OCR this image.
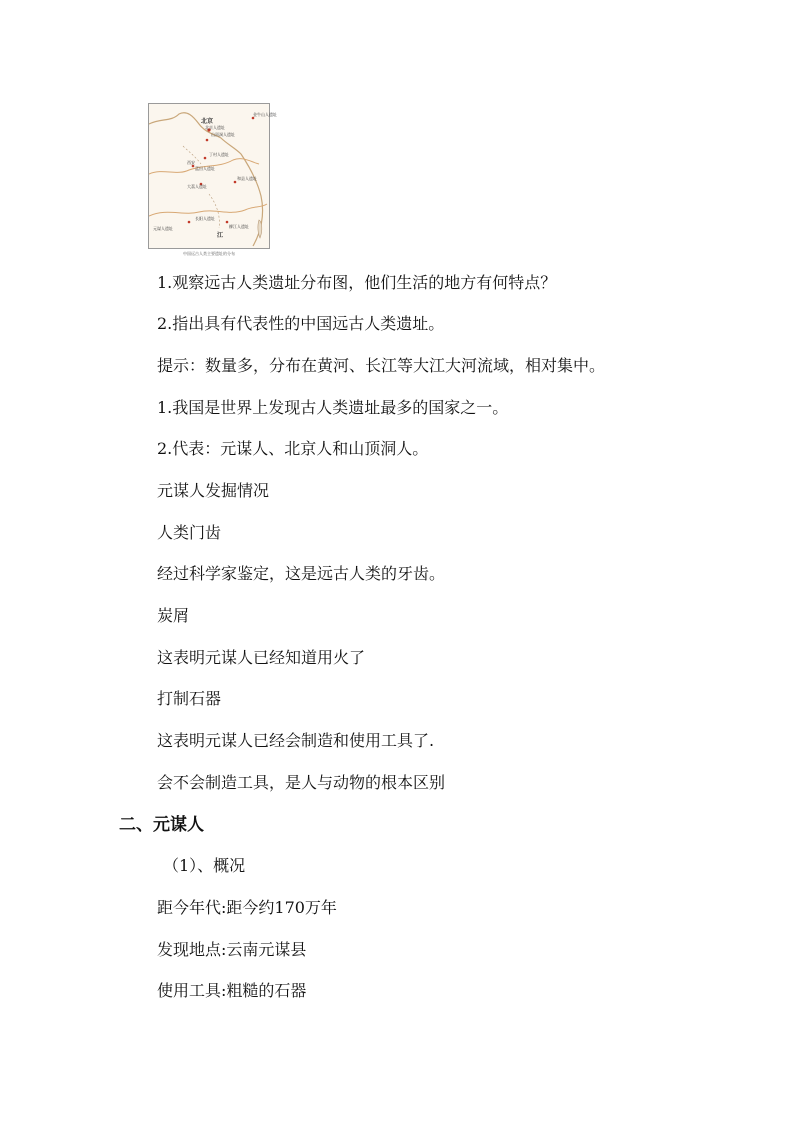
北京
北京人遗址
山顶洞人遗址
丁村人遗址
西安
蓝田人遗址
和县人遗址
大荔人遗址
柳江人遗址
元谋人遗址
长阳人遗址
金牛山人遗址
江
中国远古人类主要遗址的分布
1.观察远古人类遗址分布图，他们生活的地方有何特点？
2.指出具有代表性的中国远古人类遗址。
提示：数量多，分布在黄河、长江等大江大河流域，相对集中。
1.我国是世界上发现古人类遗址最多的国家之一。
2.代表：元谋人、北京人和山顶洞人。
元谋人发掘情况
人类门齿
经过科学家鉴定，这是远古人类的牙齿。
炭屑
这表明元谋人已经知道用火了
打制石器
这表明元谋人已经会制造和使用工具了.
会不会制造工具，是人与动物的根本区别
二、元谋人
（1）、概况
距今年代:距今约170万年
发现地点:云南元谋县
使用工具:粗糙的石器
